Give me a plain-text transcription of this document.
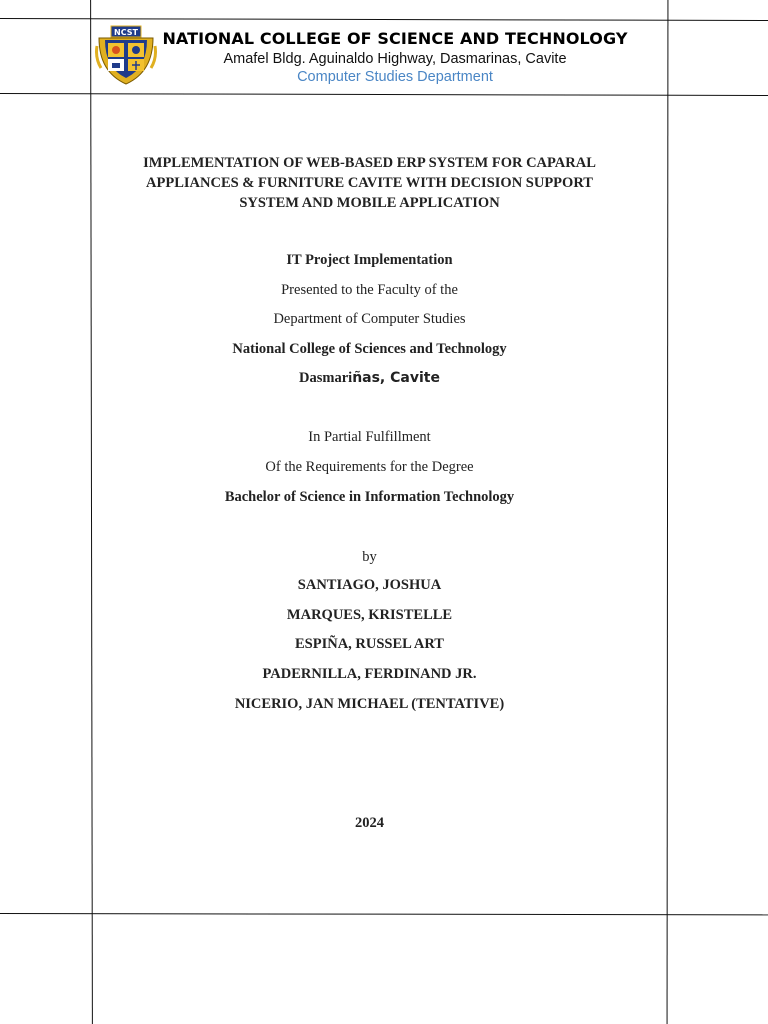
NCST	NATIONAL COLLEGE OF SCIENCE AND TECHNOLOGY
Amafel Bldg. Aguinaldo Highway, Dasmarinas, Cavite
Computer Studies Department
IMPLEMENTATION OF WEB-BASED ERP SYSTEM FOR CAPARAL
APPLIANCES & FURNITURE CAVITE WITH DECISION SUPPORT
SYSTEM AND MOBILE APPLICATION
IT Project Implementation
Presented to the Faculty of the
Department of Computer Studies
National College of Sciences and Technology
Dasmariñas, Cavite
In Partial Fulfillment
Of the Requirements for the Degree
Bachelor of Science in Information Technology
by
SANTIAGO, JOSHUA
MARQUES, KRISTELLE
ESPIÑA, RUSSEL ART
PADERNILLA, FERDINAND JR.
NICERIO, JAN MICHAEL (TENTATIVE)
2024
